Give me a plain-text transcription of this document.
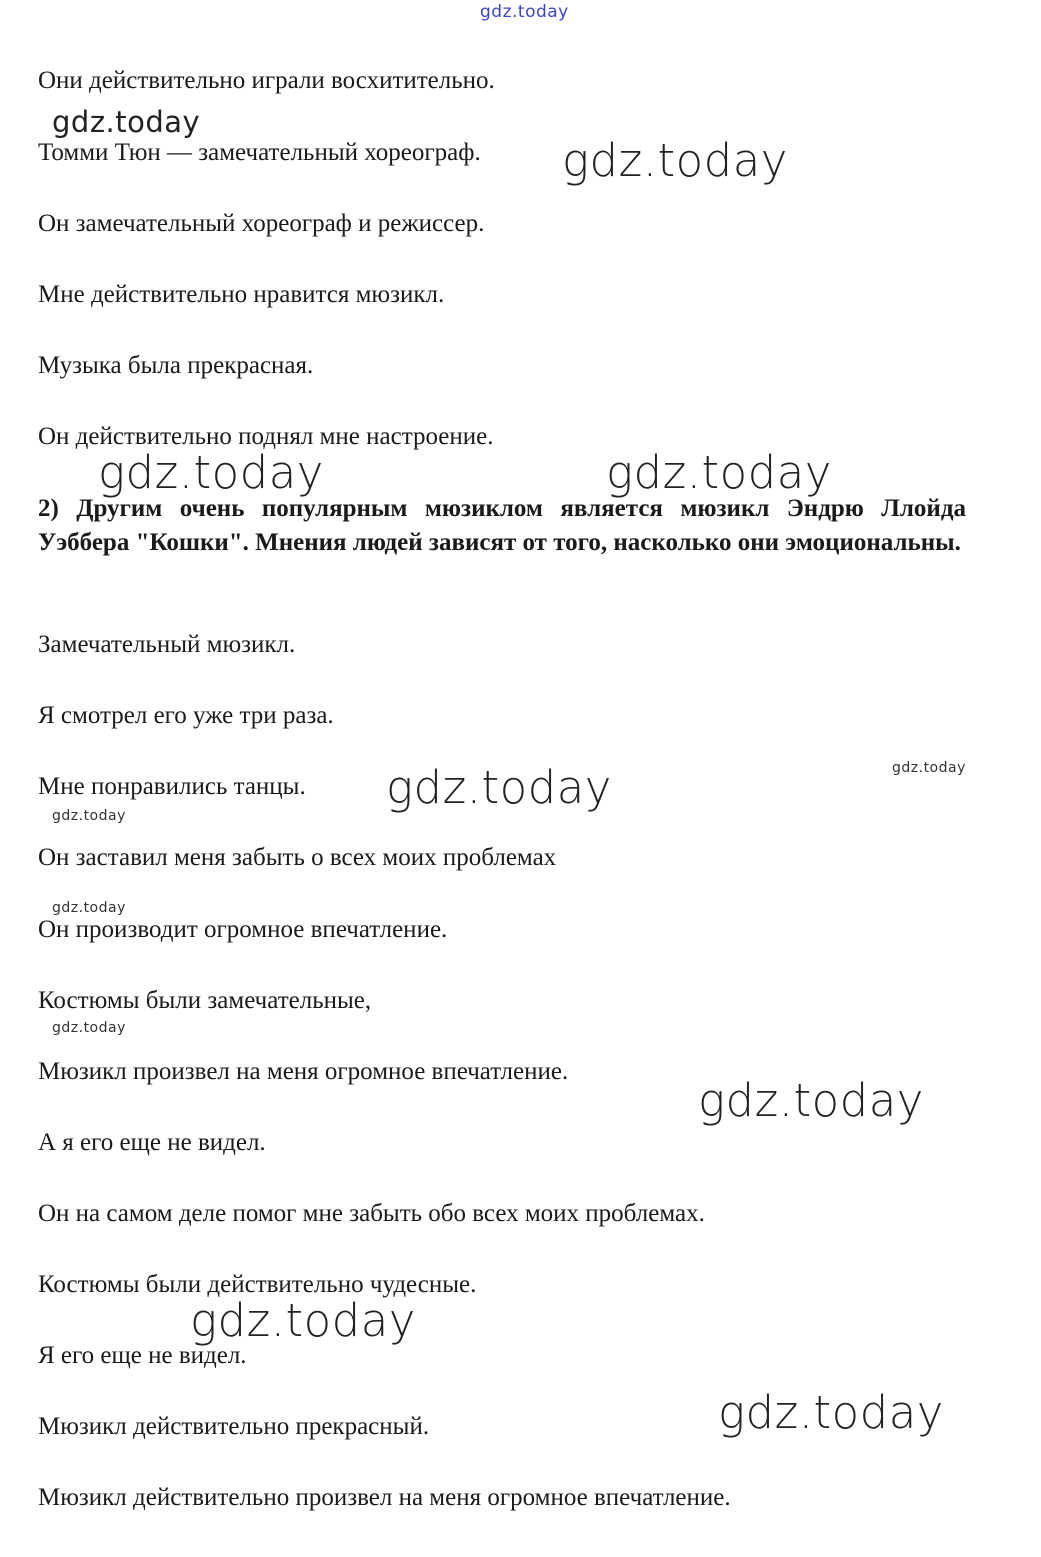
gdz.today
gdz.today
gdz.today
gdz.today	gdz.today
gdz.today	gdz.today
gdz.today
gdz.today
gdz.today
gdz.today
gdz.today
gdz.today
Они действительно играли восхитительно.
Томми Тюн — замечательный хореограф.
Он замечательный хореограф и режиссер.
Мне действительно нравится мюзикл.
Музыка была прекрасная.
Он действительно поднял мне настроение.
2) Другим очень популярным мюзиклом является мюзикл Эндрю Ллойда Уэббера "Кошки". Мнения людей зависят от того, насколько они эмоциональны.
Замечательный мюзикл.
Я смотрел его уже три раза.
Мне понравились танцы.
Он заставил меня забыть о всех моих проблемах
Он производит огромное впечатление.
Костюмы были замечательные,
Мюзикл произвел на меня огромное впечатление.
А я его еще не видел.
Он на самом деле помог мне забыть обо всех моих проблемах.
Костюмы были действительно чудесные.
Я его еще не видел.
Мюзикл действительно прекрасный.
Мюзикл действительно произвел на меня огромное впечатление.
